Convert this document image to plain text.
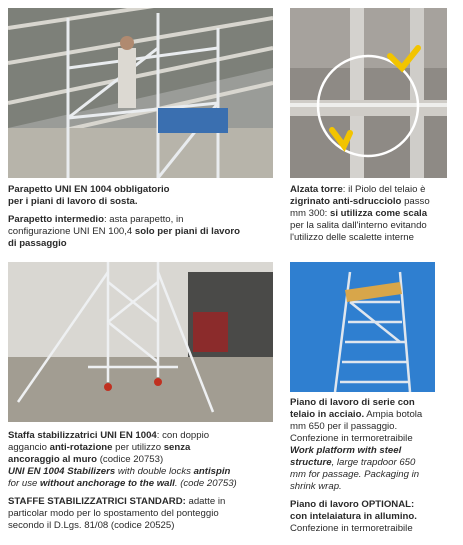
Parapetto UNI EN 1004 obbligatorio

per i piani di lavoro di sosta.

Parapetto intermedio: asta parapetto, in

configurazione UNI EN 100,4 solo per piani di lavoro

di passaggio

Alzata torre: il Piolo del telaio è

zigrinato anti-sdrucciolo passo

mm 300: si utilizza come scala

per la salita dall'interno evitando

l'utilizzo delle scalette interne

Staffa stabilizzatrici UNI EN 1004: con doppio

aggancio anti-rotazione per utilizzo senza

ancoraggio al muro (codice 20753)

UNI EN 1004 Stabilizers with double locks antispin

for use without anchorage to the wall. (code 20753)

STAFFE STABILIZZATRICI STANDARD: adatte in

particolar modo per lo spostamento del ponteggio

secondo il D.Lgs. 81/08 (codice 20525)

Piano di lavoro di serie con

telaio in acciaio. Ampia botola

mm 650 per il passaggio.

Confezione in termoretraibile

Work platform with steel

structure, large trapdoor 650

mm for passage. Packaging in

shrink wrap.

Piano di lavoro OPTIONAL:

con intelaiatura in allumino.

Confezione in termoretraibile
